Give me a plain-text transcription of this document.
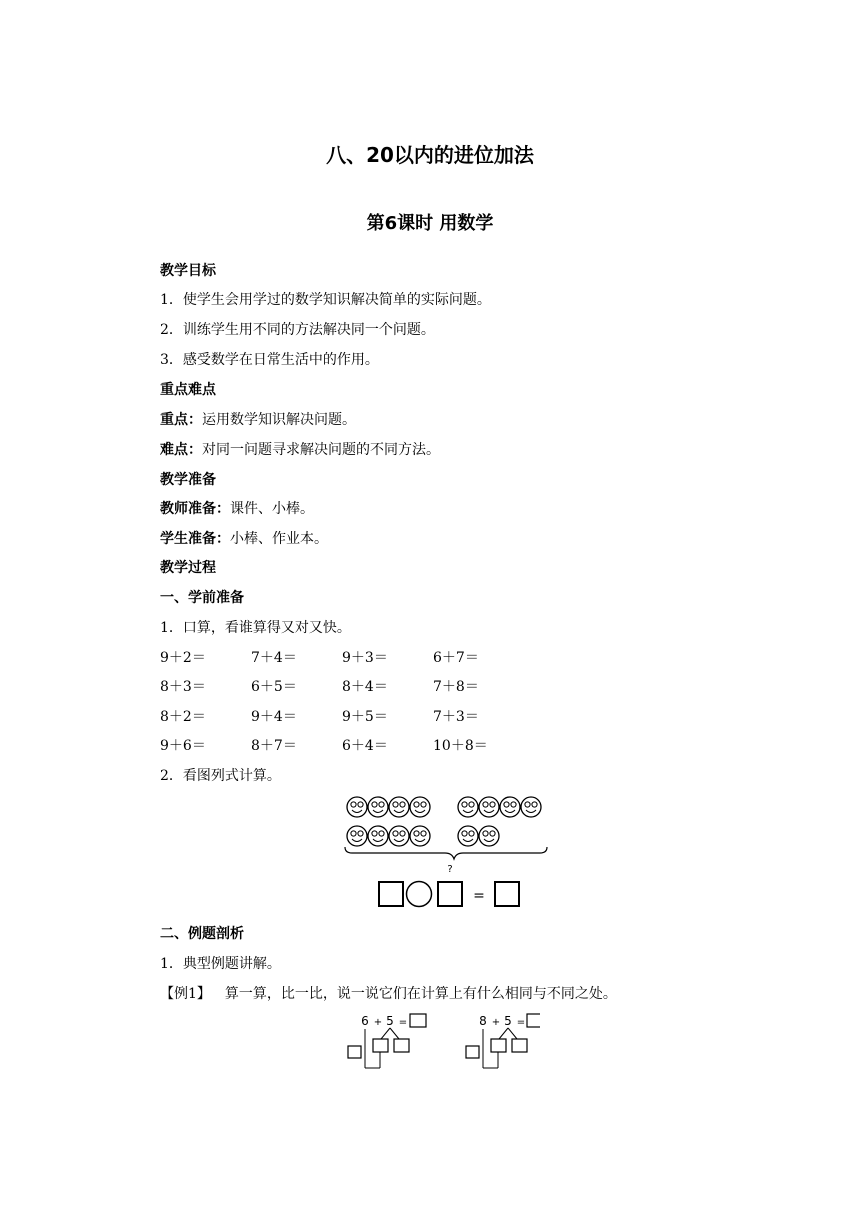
八、20以内的进位加法
第6课时 用数学
教学目标
1．使学生会用学过的数学知识解决简单的实际问题。
2．训练学生用不同的方法解决同一个问题。
3．感受数学在日常生活中的作用。
重点难点
重点：运用数学知识解决问题。
难点：对同一问题寻求解决问题的不同方法。
教学准备
教师准备：课件、小棒。
学生准备：小棒、作业本。
教学过程
一、学前准备
1．口算，看谁算得又对又快。
9＋2＝	7＋4＝	9＋3＝	6＋7＝
8＋3＝	6＋5＝	8＋4＝	7＋8＝
8＋2＝	9＋4＝	9＋5＝	7＋3＝
9＋6＝	8＋7＝	6＋4＝	10＋8＝
2．看图列式计算。
?
=
二、例题剖析
1．典型例题讲解。
【例1】 算一算，比一比，说一说它们在计算上有什么相同与不同之处。
6 + 5 =	8 + 5 =
